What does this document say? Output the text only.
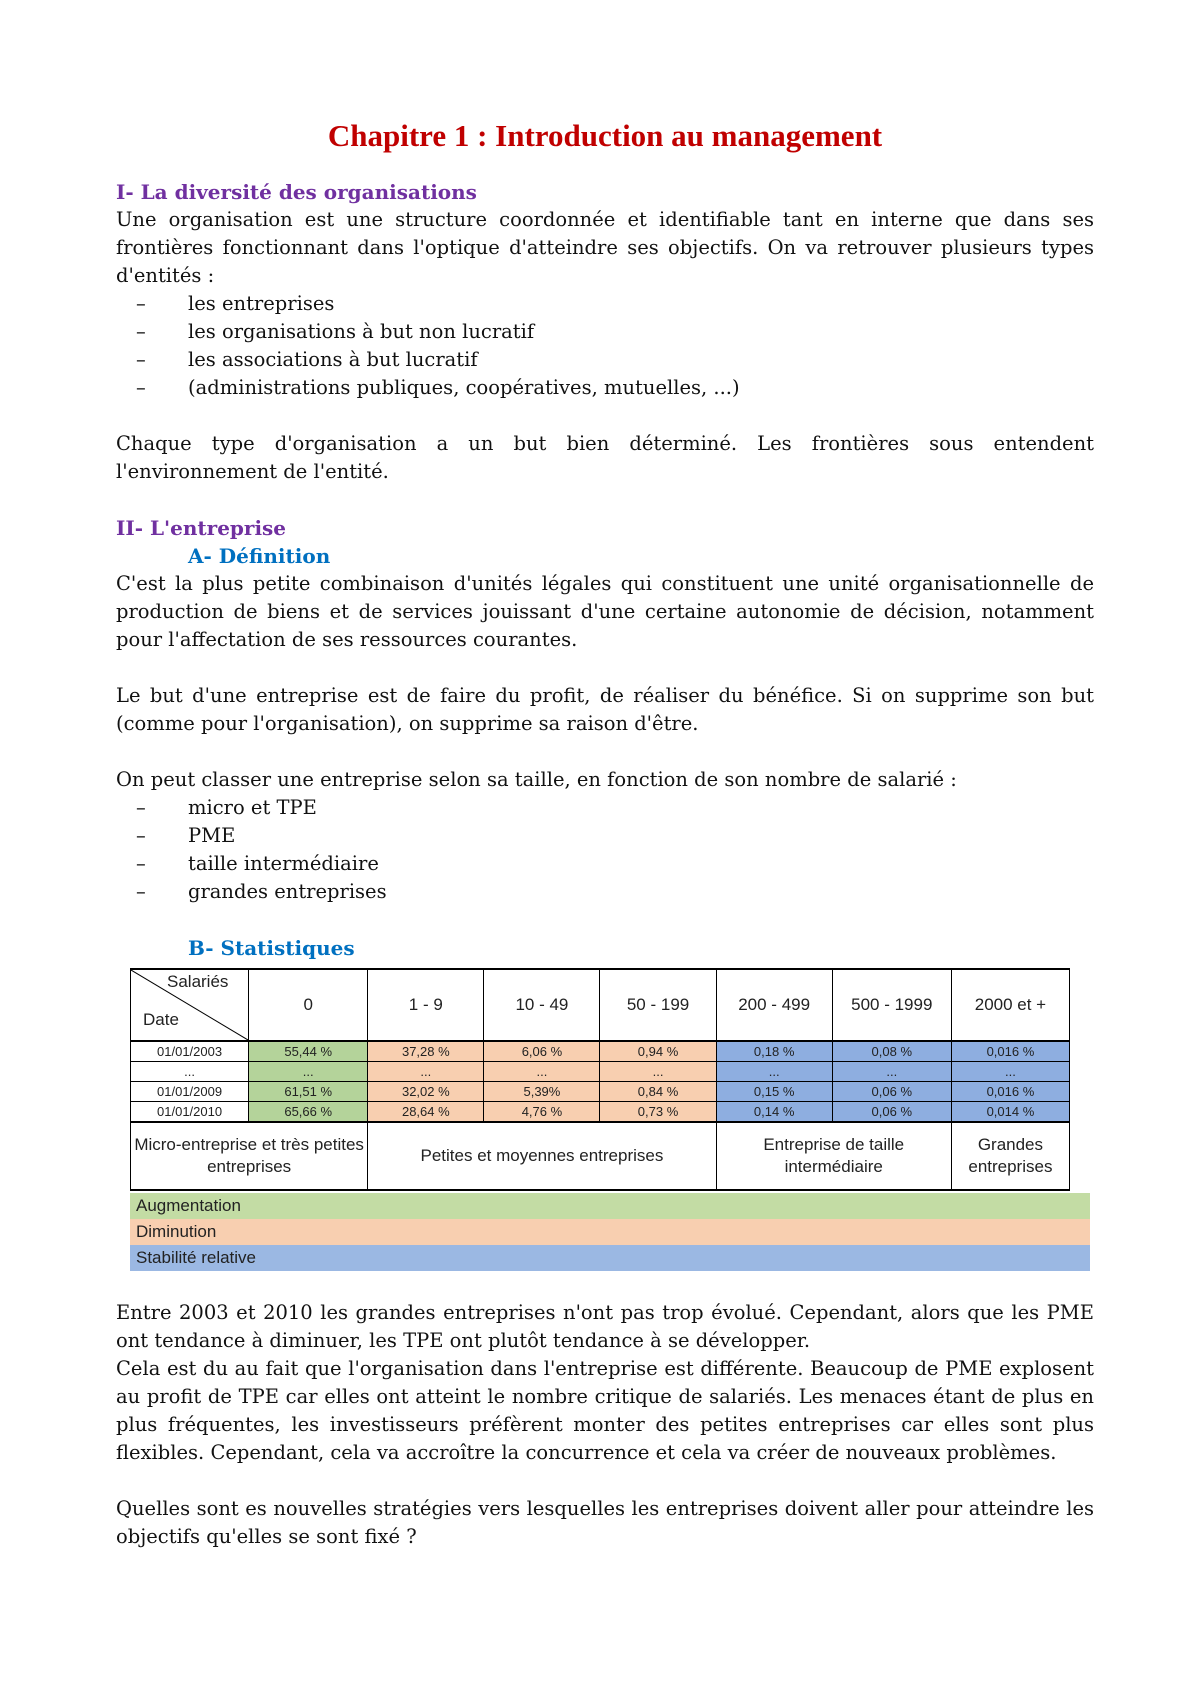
Chapitre 1 : Introduction au management
I- La diversité des organisations
Une organisation est une structure coordonnée et identifiable tant en interne que dans ses frontières fonctionnant dans l'optique d'atteindre ses objectifs. On va retrouver plusieurs types d'entités :
– les entreprises
– les organisations à but non lucratif
– les associations à but lucratif
– (administrations publiques, coopératives, mutuelles, ...)
Chaque type d'organisation a un but bien déterminé. Les frontières sous entendent l'environnement de l'entité.
II- L'entreprise
A- Définition
C'est la plus petite combinaison d'unités légales qui constituent une unité organisationnelle de production de biens et de services jouissant d'une certaine autonomie de décision, notamment pour l'affectation de ses ressources courantes.
Le but d'une entreprise est de faire du profit, de réaliser du bénéfice. Si on supprime son but (comme pour l'organisation), on supprime sa raison d'être.
On peut classer une entreprise selon sa taille, en fonction de son nombre de salarié :
– micro et TPE
– PME
– taille intermédiaire
– grandes entreprises
B- Statistiques
Salariés
Date	0	1 - 9	10 - 49	50 - 199	200 - 499	500 - 1999	2000 et +
01/01/2003	55,44 %	37,28 %	6,06 %	0,94 %	0,18 %	0,08 %	0,016 %
...	...	...	...	...	...	...	...
01/01/2009	61,51 %	32,02 %	5,39%	0,84 %	0,15 %	0,06 %	0,016 %
01/01/2010	65,66 %	28,64 %	4,76 %	0,73 %	0,14 %	0,06 %	0,014 %
Micro-entreprise et très petites entreprises		Petites et moyennes entreprises			Entreprise de taille intermédiaire		Grandes entreprises
Augmentation
Diminution
Stabilité relative
Entre 2003 et 2010 les grandes entreprises n'ont pas trop évolué. Cependant, alors que les PME ont tendance à diminuer, les TPE ont plutôt tendance à se développer.
Cela est du au fait que l'organisation dans l'entreprise est différente. Beaucoup de PME explosent au profit de TPE car elles ont atteint le nombre critique de salariés. Les menaces étant de plus en plus fréquentes, les investisseurs préfèrent monter des petites entreprises car elles sont plus flexibles. Cependant, cela va accroître la concurrence et cela va créer de nouveaux problèmes.
Quelles sont es nouvelles stratégies vers lesquelles les entreprises doivent aller pour atteindre les objectifs qu'elles se sont fixé ?
